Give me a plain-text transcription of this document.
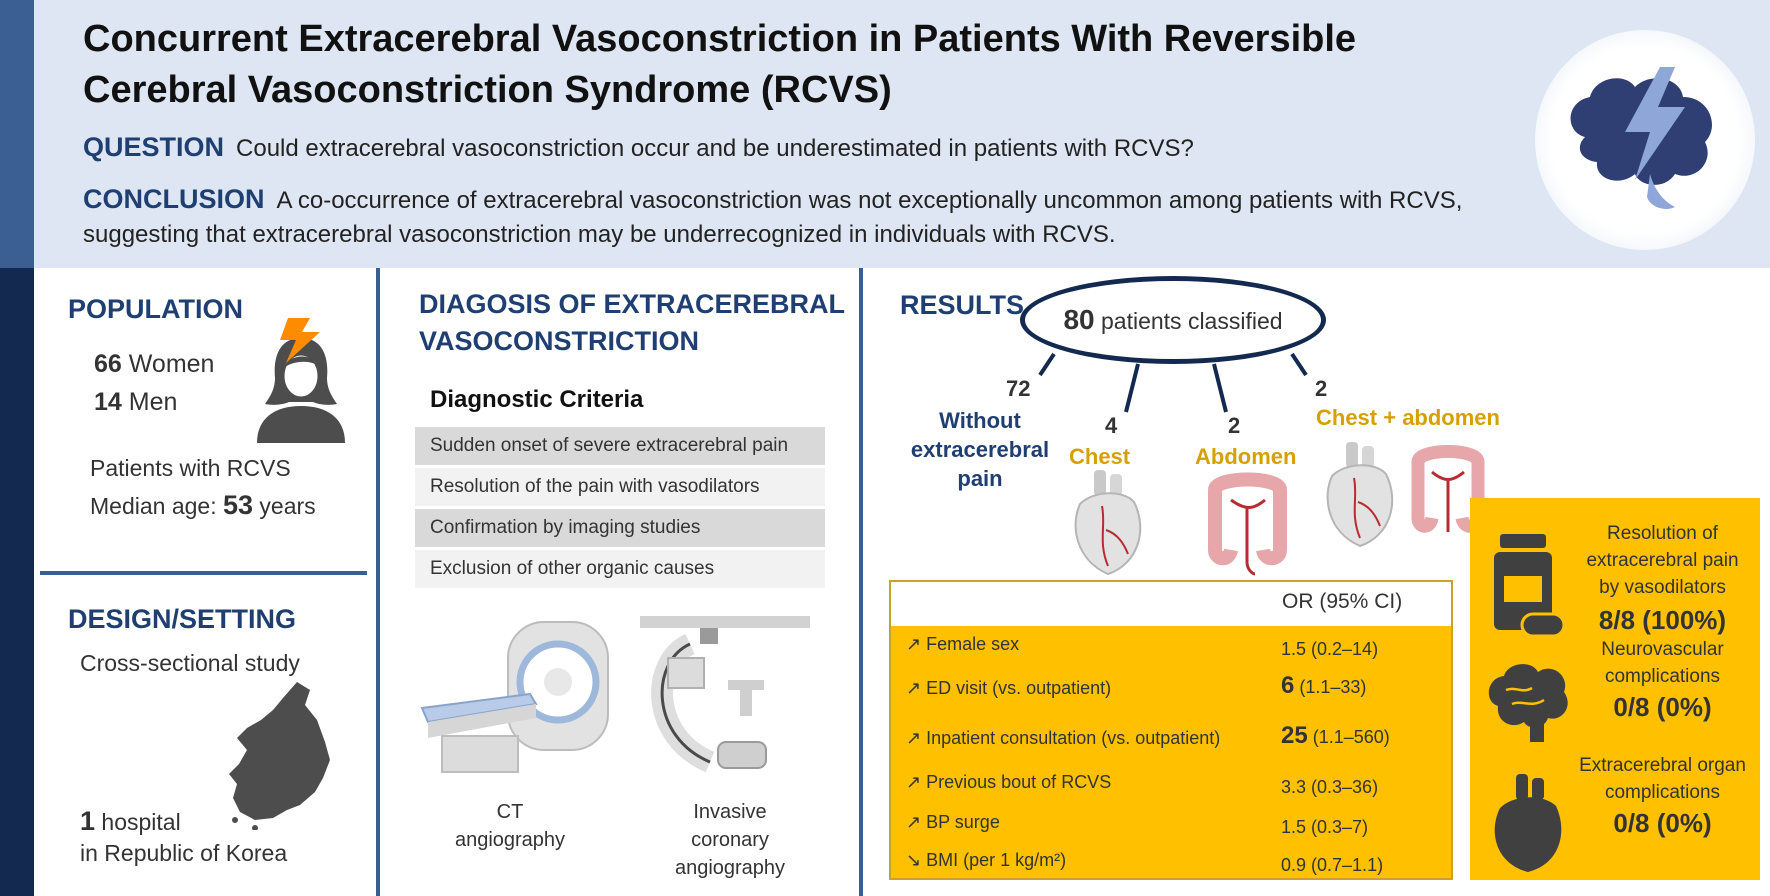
Concurrent Extracerebral Vasoconstriction in Patients With Reversible Cerebral Vasoconstriction Syndrome (RCVS)
QUESTION Could extracerebral vasoconstriction occur and be underestimated in patients with RCVS?
CONCLUSION A co-occurrence of extracerebral vasoconstriction was not exceptionally uncommon among patients with RCVS, suggesting that extracerebral vasoconstriction may be underrecognized in individuals with RCVS.
POPULATION
66 Women
14 Men
Patients with RCVS
Median age: 53 years
DESIGN/SETTING
Cross-sectional study
1 hospital
in Republic of Korea
DIAGOSIS OF EXTRACEREBRAL
VASOCONSTRICTION
Diagnostic Criteria
Sudden onset of severe extracerebral pain
Resolution of the pain with vasodilators
Confirmation by imaging studies
Exclusion of other organic causes
CT
angiography
Invasive
coronary
angiography
RESULTS	80 patients classified
72
Without
extracerebral
pain
4
Chest
2
Abdomen
2
Chest + abdomen
OR (95% CI)
↗ Female sex	1.5 (0.2–14)
↗ ED visit (vs. outpatient)	6 (1.1–33)
↗ Inpatient consultation (vs. outpatient)	25 (1.1–560)
↗ Previous bout of RCVS	3.3 (0.3–36)
↗ BP surge	1.5 (0.3–7)
↘ BMI (per 1 kg/m²)	0.9 (0.7–1.1)
Resolution of
extracerebral pain
by vasodilators
8/8 (100%)
Neurovascular
complications
0/8 (0%)
Extracerebral organ
complications
0/8 (0%)
